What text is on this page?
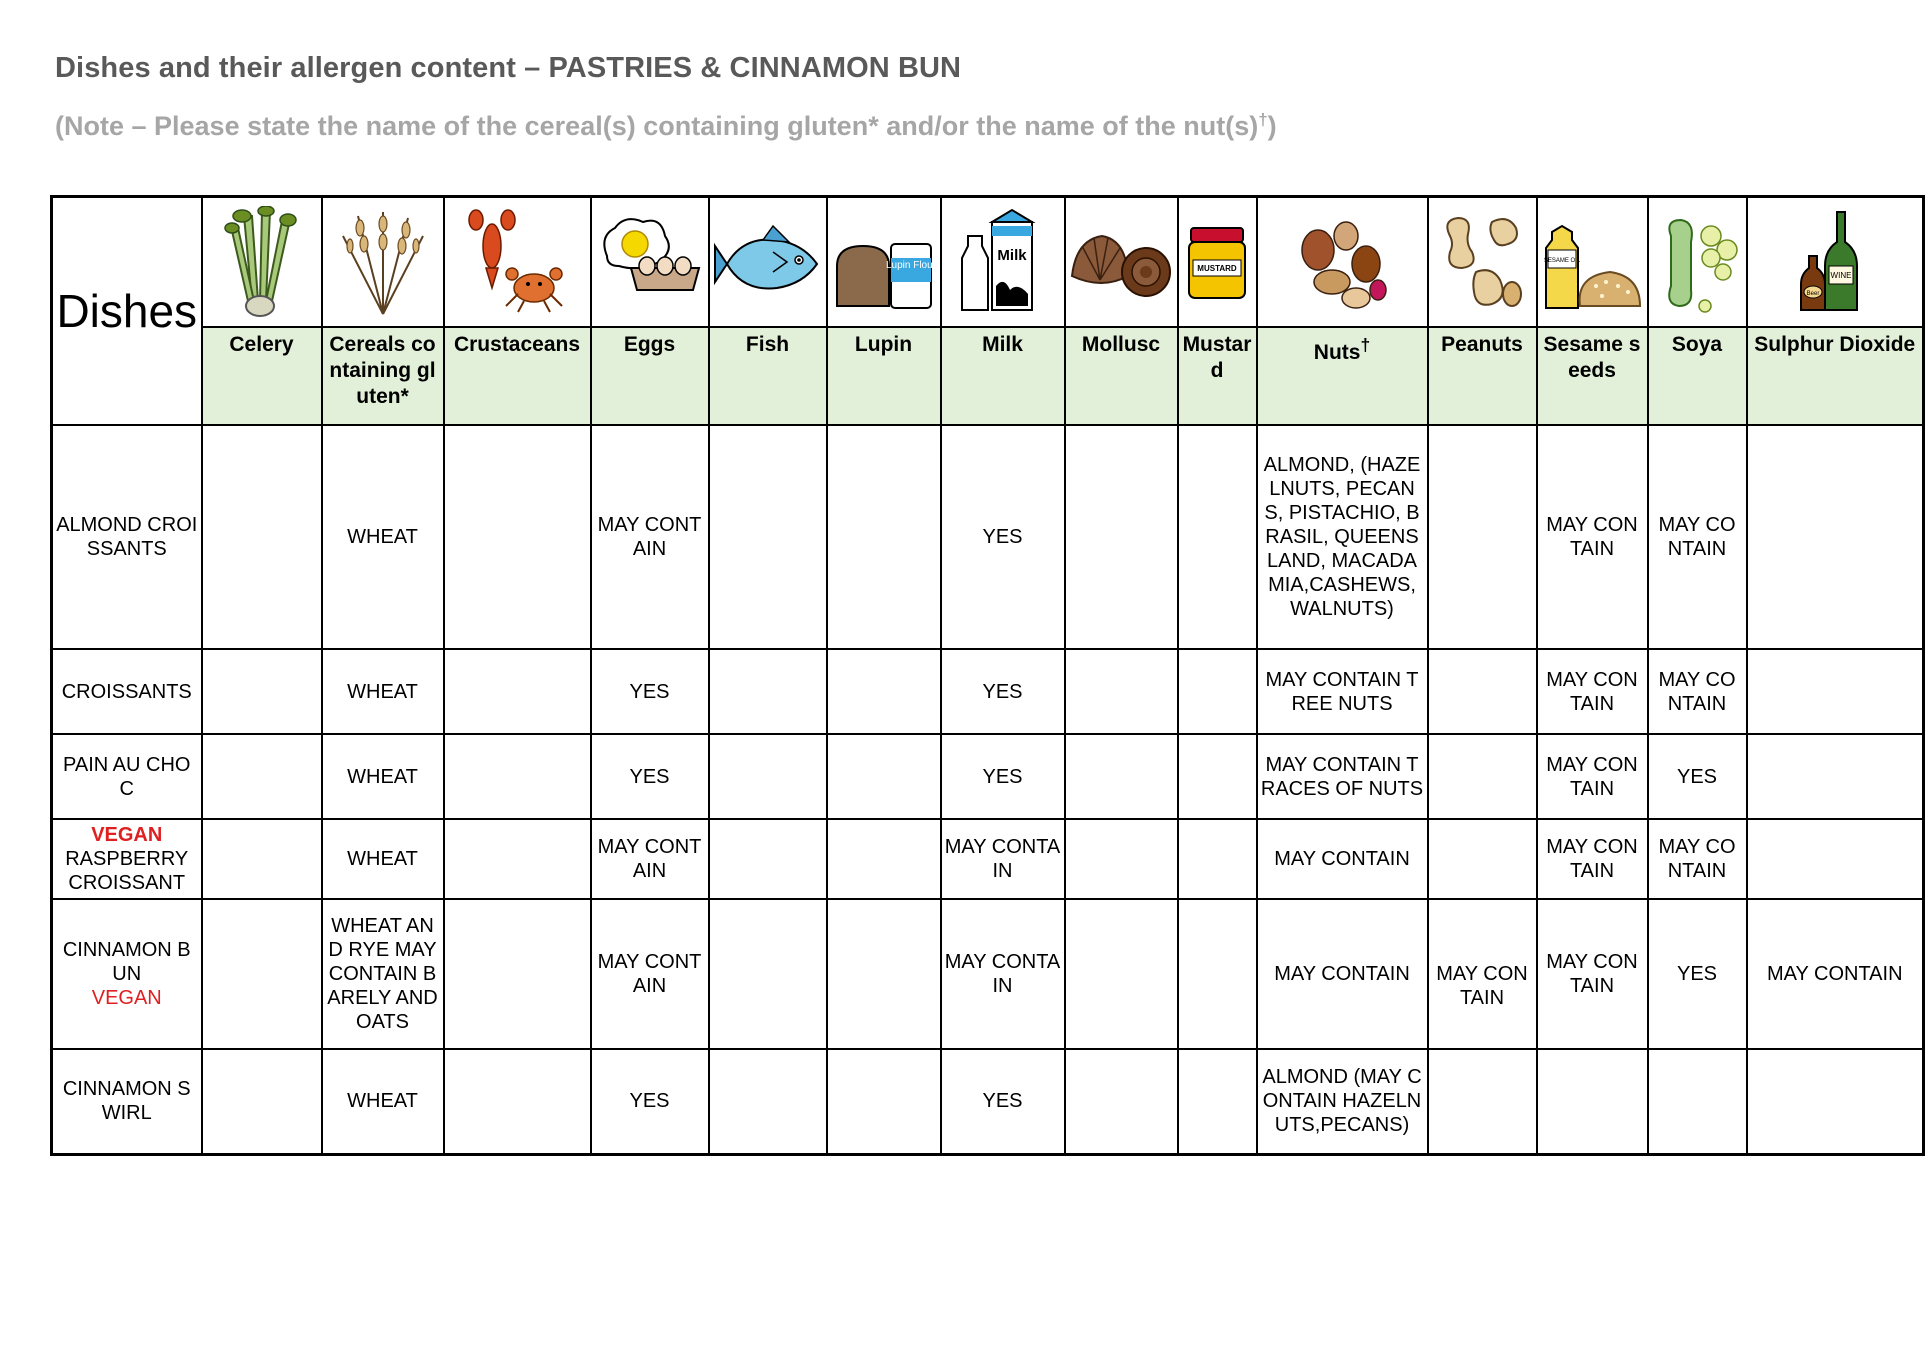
Dishes and their allergen content – PASTRIES & CINNAMON BUN

(Note – Please state the name of the cereal(s) containing gluten* and/or the name of the nut(s)†)

Dishes						Lupin Flour	Milk		MUSTARD			SESAME OIL		WINE
Beer

	Celery	Cereals containing gluten*	Crustaceans	Eggs	Fish	Lupin	Milk	Mollusc	Mustard	Nuts†	Peanuts	Sesame seeds	Soya	Sulphur Dioxide
ALMOND CROISSANTS		WHEAT		MAY CONTAIN			YES			ALMOND, (HAZELNUTS, PECANS, PISTACHIO, BRASIL, QUEENSLAND, MACADAMIA,CASHEWS,WALNUTS)		MAY CONTAIN	MAY CONTAIN	
CROISSANTS		WHEAT		YES			YES			MAY CONTAIN TREE NUTS		MAY CONTAIN	MAY CONTAIN	
PAIN AU CHOC		WHEAT		YES			YES			MAY CONTAIN TRACES OF NUTS		MAY CONTAIN	YES	
VEGAN
RASPBERRY CROISSANT		WHEAT		MAY CONTAIN			MAY CONTAIN			MAY CONTAIN		MAY CONTAIN	MAY CONTAIN	
CINNAMON BUN
VEGAN		WHEAT AND RYE MAY CONTAIN BARELY AND OATS		MAY CONTAIN			MAY CONTAIN			MAY CONTAIN	MAY CONTAIN	MAY CONTAIN	YES	MAY CONTAIN
CINNAMON SWIRL		WHEAT		YES			YES			ALMOND (MAY CONTAIN HAZELNUTS,PECANS)				
